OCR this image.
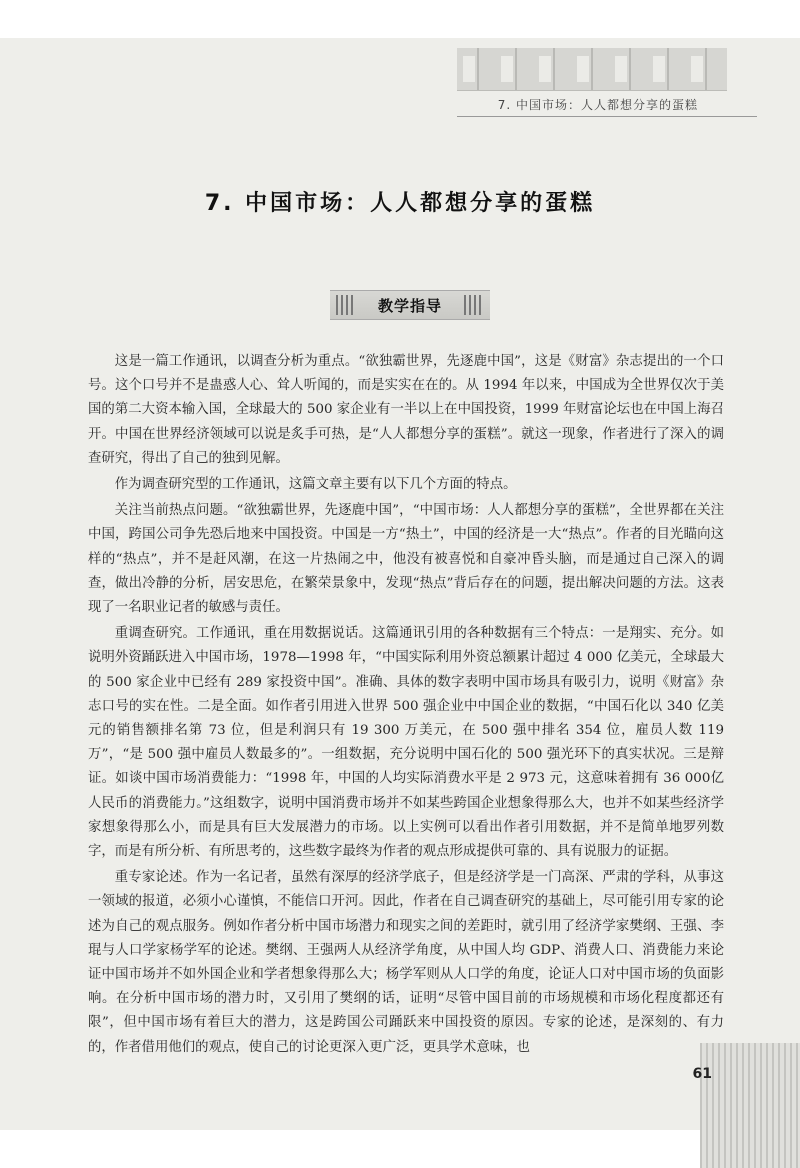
7. 中国市场：人人都想分享的蛋糕
7. 中国市场：人人都想分享的蛋糕
教学指导

这是一篇工作通讯，以调查分析为重点。“欲独霸世界，先逐鹿中国”，这是《财富》杂志提出的一个口号。这个口号并不是蛊惑人心、耸人听闻的，而是实实在在的。从 1994 年以来，中国成为全世界仅次于美国的第二大资本输入国，全球最大的 500 家企业有一半以上在中国投资，1999 年财富论坛也在中国上海召开。中国在世界经济领域可以说是炙手可热，是“人人都想分享的蛋糕”。就这一现象，作者进行了深入的调查研究，得出了自己的独到见解。

作为调查研究型的工作通讯，这篇文章主要有以下几个方面的特点。

关注当前热点问题。“欲独霸世界，先逐鹿中国”，“中国市场：人人都想分享的蛋糕”，全世界都在关注中国，跨国公司争先恐后地来中国投资。中国是一方“热土”，中国的经济是一大“热点”。作者的目光瞄向这样的“热点”，并不是赶风潮，在这一片热闹之中，他没有被喜悦和自豪冲昏头脑，而是通过自己深入的调查，做出冷静的分析，居安思危，在繁荣景象中，发现“热点”背后存在的问题，提出解决问题的方法。这表现了一名职业记者的敏感与责任。

重调查研究。工作通讯，重在用数据说话。这篇通讯引用的各种数据有三个特点：一是翔实、充分。如说明外资踊跃进入中国市场，1978—1998 年，“中国实际利用外资总额累计超过 4 000 亿美元，全球最大的 500 家企业中已经有 289 家投资中国”。准确、具体的数字表明中国市场具有吸引力，说明《财富》杂志口号的实在性。二是全面。如作者引用进入世界 500 强企业中中国企业的数据，“中国石化以 340 亿美元的销售额排名第 73 位，但是利润只有 19 300 万美元，在 500 强中排名 354 位，雇员人数 119 万”，“是 500 强中雇员人数最多的”。一组数据，充分说明中国石化的 500 强光环下的真实状况。三是辩证。如谈中国市场消费能力：“1998 年，中国的人均实际消费水平是 2 973 元，这意味着拥有 36 000亿人民币的消费能力。”这组数字，说明中国消费市场并不如某些跨国企业想象得那么大，也并不如某些经济学家想象得那么小，而是具有巨大发展潜力的市场。以上实例可以看出作者引用数据，并不是简单地罗列数字，而是有所分析、有所思考的，这些数字最终为作者的观点形成提供可靠的、具有说服力的证据。

重专家论述。作为一名记者，虽然有深厚的经济学底子，但是经济学是一门高深、严肃的学科，从事这一领域的报道，必须小心谨慎，不能信口开河。因此，作者在自己调查研究的基础上，尽可能引用专家的论述为自己的观点服务。例如作者分析中国市场潜力和现实之间的差距时，就引用了经济学家樊纲、王强、李琨与人口学家杨学军的论述。樊纲、王强两人从经济学角度，从中国人均 GDP、消费人口、消费能力来论证中国市场并不如外国企业和学者想象得那么大；杨学军则从人口学的角度，论证人口对中国市场的负面影响。在分析中国市场的潜力时，又引用了樊纲的话，证明“尽管中国目前的市场规模和市场化程度都还有限”，但中国市场有着巨大的潜力，这是跨国公司踊跃来中国投资的原因。专家的论述，是深刻的、有力的，作者借用他们的观点，使自己的讨论更深入更广泛，更具学术意味，也

61
